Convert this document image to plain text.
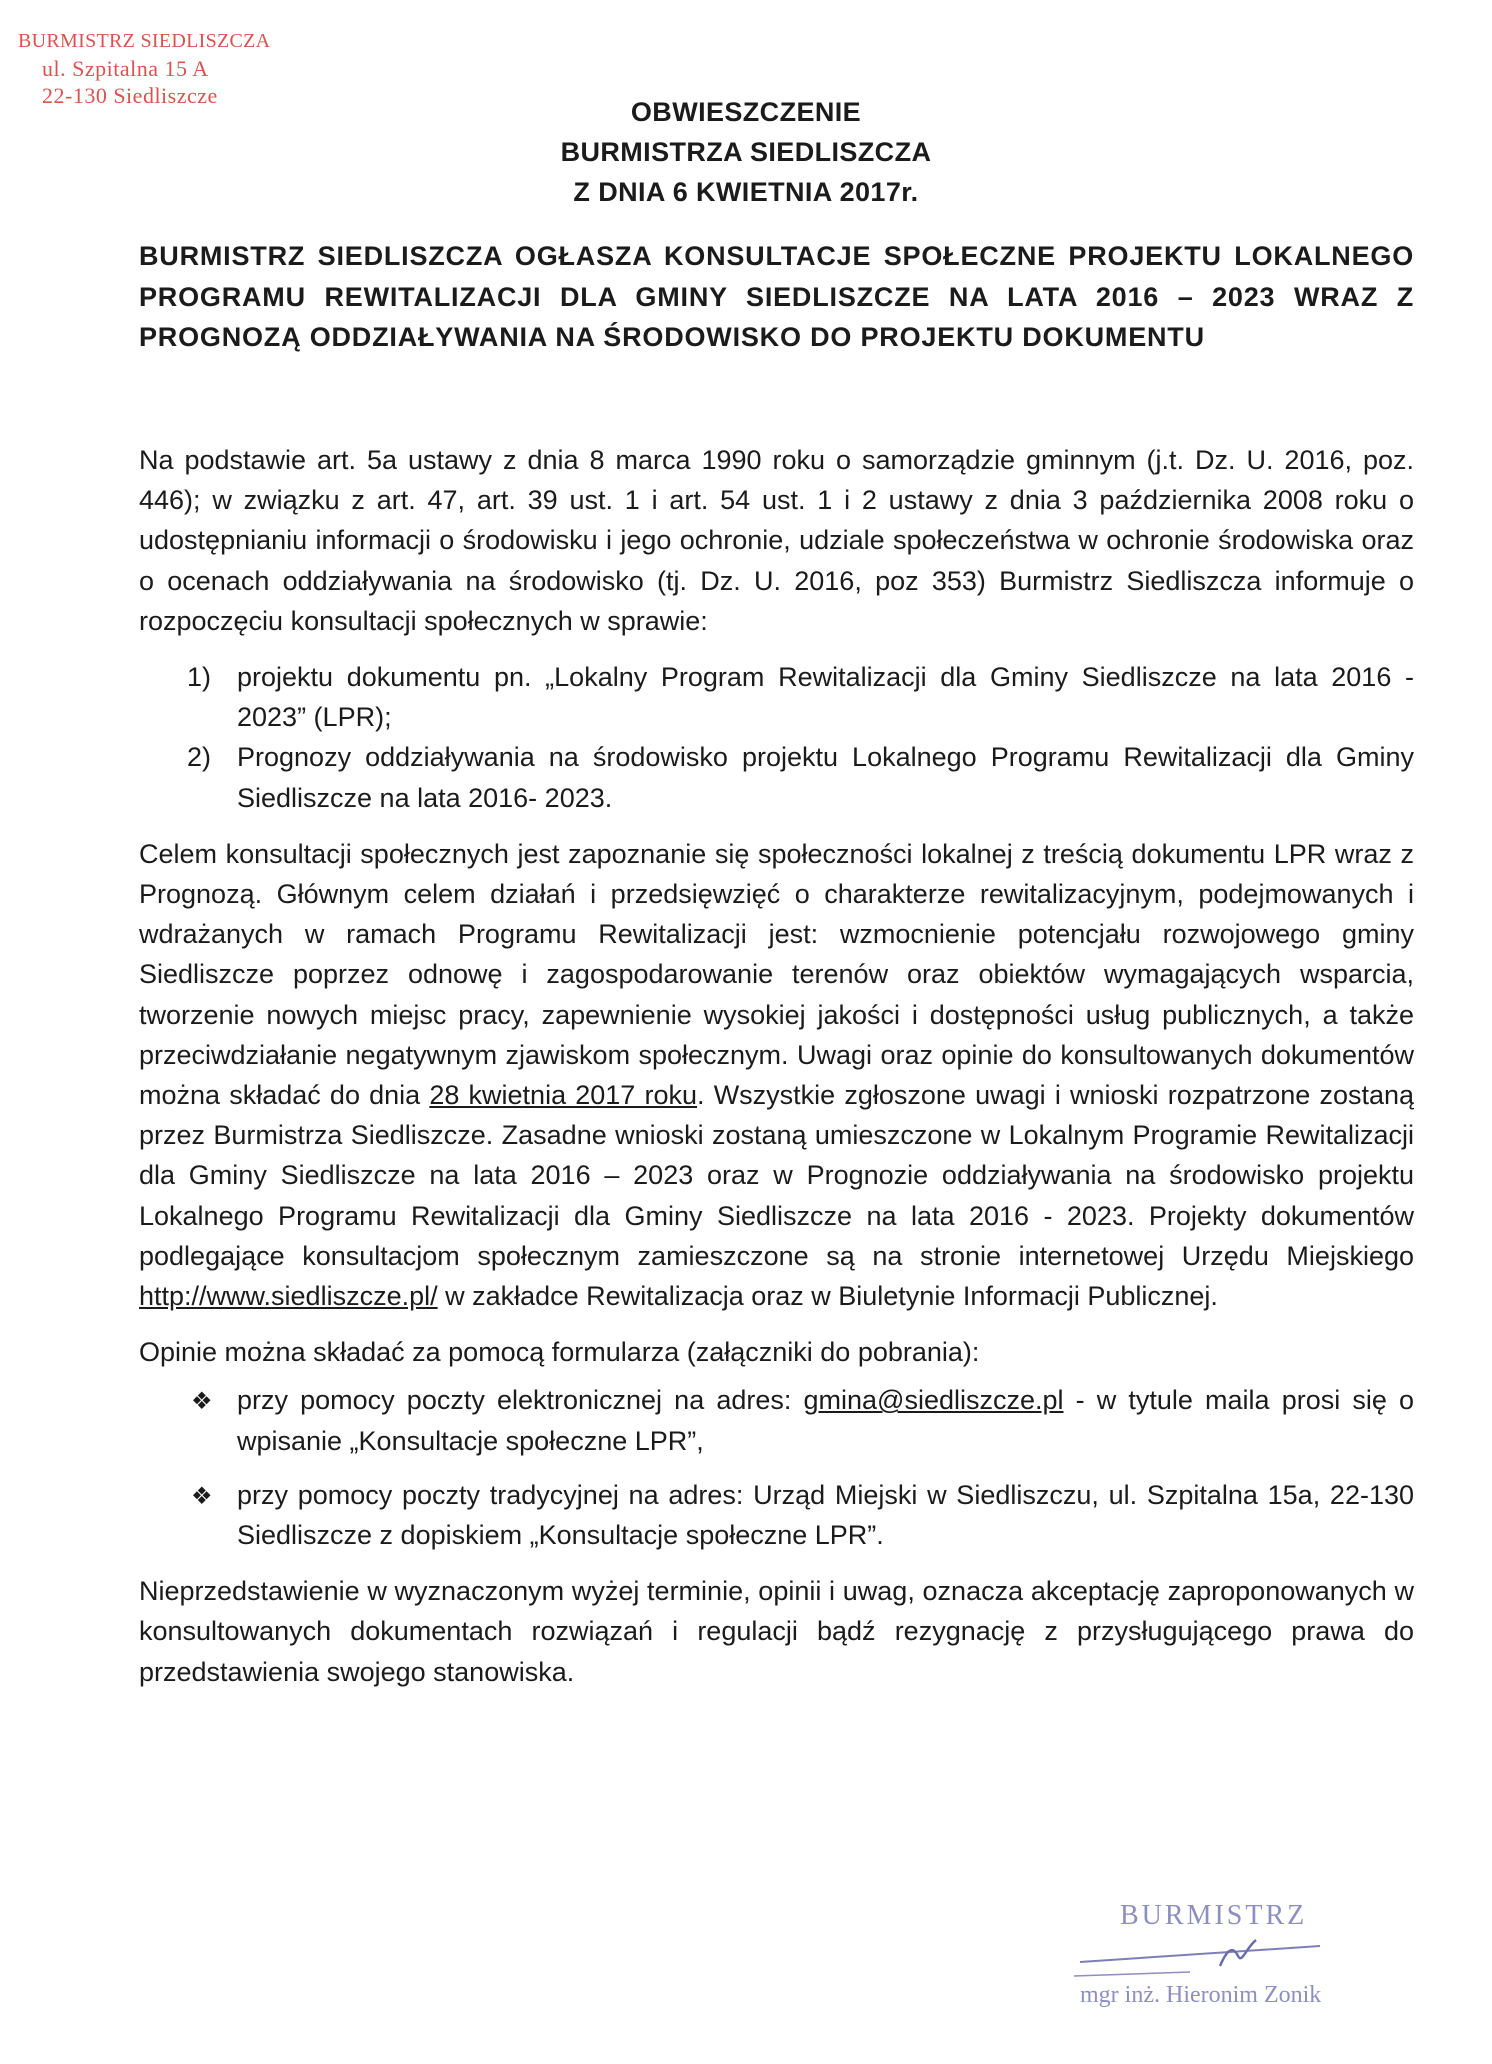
BURMISTRZ SIEDLISZCZA
ul. Szpitalna 15 A
22-130 Siedliszcze
OBWIESZCZENIE
BURMISTRZA SIEDLISZCZA
Z DNIA 6 KWIETNIA 2017r.
BURMISTRZ SIEDLISZCZA OGŁASZA KONSULTACJE SPOŁECZNE PROJEKTU LOKALNEGO PROGRAMU REWITALIZACJI DLA GMINY SIEDLISZCZE NA LATA 2016 – 2023 WRAZ Z PROGNOZĄ ODDZIAŁYWANIA NA ŚRODOWISKO DO PROJEKTU DOKUMENTU

Na podstawie art. 5a ustawy z dnia 8 marca 1990 roku o samorządzie gminnym (j.t. Dz. U. 2016, poz. 446); w związku z art. 47, art. 39 ust. 1 i art. 54 ust. 1 i 2 ustawy z dnia 3 października 2008 roku o udostępnianiu informacji o środowisku i jego ochronie, udziale społeczeństwa w ochronie środowiska oraz o ocenach oddziaływania na środowisko (tj. Dz. U. 2016, poz 353) Burmistrz Siedliszcza informuje o rozpoczęciu konsultacji społecznych w sprawie:

1) projektu dokumentu pn. „Lokalny Program Rewitalizacji dla Gminy Siedliszcze na lata 2016 - 2023” (LPR);
2) Prognozy oddziaływania na środowisko projektu Lokalnego Programu Rewitalizacji dla Gminy Siedliszcze na lata 2016- 2023.

Celem konsultacji społecznych jest zapoznanie się społeczności lokalnej z treścią dokumentu LPR wraz z Prognozą. Głównym celem działań i przedsięwzięć o charakterze rewitalizacyjnym, podejmowanych i wdrażanych w ramach Programu Rewitalizacji jest: wzmocnienie potencjału rozwojowego gminy Siedliszcze poprzez odnowę i zagospodarowanie terenów oraz obiektów wymagających wsparcia, tworzenie nowych miejsc pracy, zapewnienie wysokiej jakości i dostępności usług publicznych, a także przeciwdziałanie negatywnym zjawiskom społecznym. Uwagi oraz opinie do konsultowanych dokumentów można składać do dnia 28 kwietnia 2017 roku. Wszystkie zgłoszone uwagi i wnioski rozpatrzone zostaną przez Burmistrza Siedliszcze. Zasadne wnioski zostaną umieszczone w Lokalnym Programie Rewitalizacji dla Gminy Siedliszcze na lata 2016 – 2023 oraz w Prognozie oddziaływania na środowisko projektu Lokalnego Programu Rewitalizacji dla Gminy Siedliszcze na lata 2016 - 2023. Projekty dokumentów podlegające konsultacjom społecznym zamieszczone są na stronie internetowej Urzędu Miejskiego http://www.siedliszcze.pl/ w zakładce Rewitalizacja oraz w Biuletynie Informacji Publicznej.

Opinie można składać za pomocą formularza (załączniki do pobrania):

❖ przy pomocy poczty elektronicznej na adres: gmina@siedliszcze.pl - w tytule maila prosi się o wpisanie „Konsultacje społeczne LPR”,
❖ przy pomocy poczty tradycyjnej na adres: Urząd Miejski w Siedliszczu, ul. Szpitalna 15a, 22-130 Siedliszcze z dopiskiem „Konsultacje społeczne LPR”.

Nieprzedstawienie w wyznaczonym wyżej terminie, opinii i uwag, oznacza akceptację zaproponowanych w konsultowanych dokumentach rozwiązań i regulacji bądź rezygnację z przysługującego prawa do przedstawienia swojego stanowiska.

BURMISTRZ
mgr inż. Hieronim Zonik
